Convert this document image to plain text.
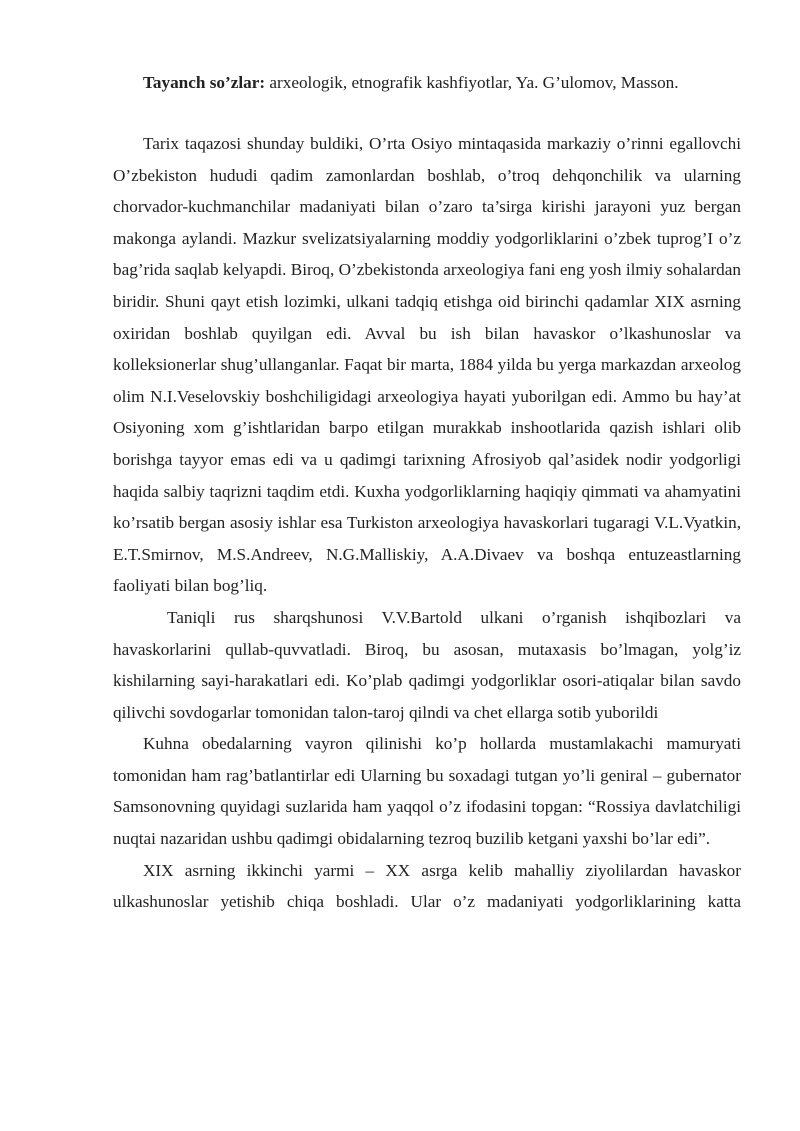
Tayanch so’zlar: arxeologik, etnografik kashfiyotlar, Ya. G’ulomov, Masson.

Tarix taqazosi shunday buldiki, O’rta Osiyo mintaqasida markaziy o’rinni egallovchi O’zbekiston hududi qadim zamonlardan boshlab, o’troq dehqonchilik va ularning chorvador-kuchmanchilar madaniyati bilan o’zaro ta’sirga kirishi jarayoni yuz bergan makonga aylandi. Mazkur svelizatsiyalarning moddiy yodgorliklarini o’zbek tuprog’I o’z bag’rida saqlab kelyapdi. Biroq, O’zbekistonda arxeologiya fani eng yosh ilmiy sohalardan biridir. Shuni qayt etish lozimki, ulkani tadqiq etishga oid birinchi qadamlar XIX asrning oxiridan boshlab quyilgan edi. Avval bu ish bilan havaskor o’lkashunoslar va kolleksionerlar shug’ullanganlar. Faqat bir marta, 1884 yilda bu yerga markazdan arxeolog olim N.I.Veselovskiy boshchiligidagi arxeologiya hayati yuborilgan edi. Ammo bu hay’at Osiyoning xom g’ishtlaridan barpo etilgan murakkab inshootlarida qazish ishlari olib borishga tayyor emas edi va u qadimgi tarixning Afrosiyob qal’asidek nodir yodgorligi haqida salbiy taqrizni taqdim etdi. Kuxha yodgorliklarning haqiqiy qimmati va ahamyatini ko’rsatib bergan asosiy ishlar esa Turkiston arxeologiya havaskorlari tugaragi V.L.Vyatkin, E.T.Smirnov, M.S.Andreev, N.G.Malliskiy, A.A.Divaev va boshqa entuzeastlarning faoliyati bilan bog’liq.

Taniqli rus sharqshunosi V.V.Bartold ulkani o’rganish ishqibozlari va havaskorlarini qullab-quvvatladi. Biroq, bu asosan, mutaxasis bo’lmagan, yolg’iz kishilarning sayi-harakatlari edi. Ko’plab qadimgi yodgorliklar osori-atiqalar bilan savdo qilivchi sovdogarlar tomonidan talon-taroj qilndi va chet ellarga sotib yuborildi

Kuhna obedalarning vayron qilinishi ko’p hollarda mustamlakachi mamuryati tomonidan ham rag’batlantirlar edi Ularning bu soxadagi tutgan yo’li geniral – gubernator Samsonovning quyidagi suzlarida ham yaqqol o’z ifodasini topgan: “Rossiya davlatchiligi nuqtai nazaridan ushbu qadimgi obidalarning tezroq buzilib ketgani yaxshi bo’lar edi”.

XIX asrning ikkinchi yarmi – XX asrga kelib mahalliy ziyolilardan havaskor ulkashunoslar yetishib chiqa boshladi. Ular o’z madaniyati yodgorliklarining katta
